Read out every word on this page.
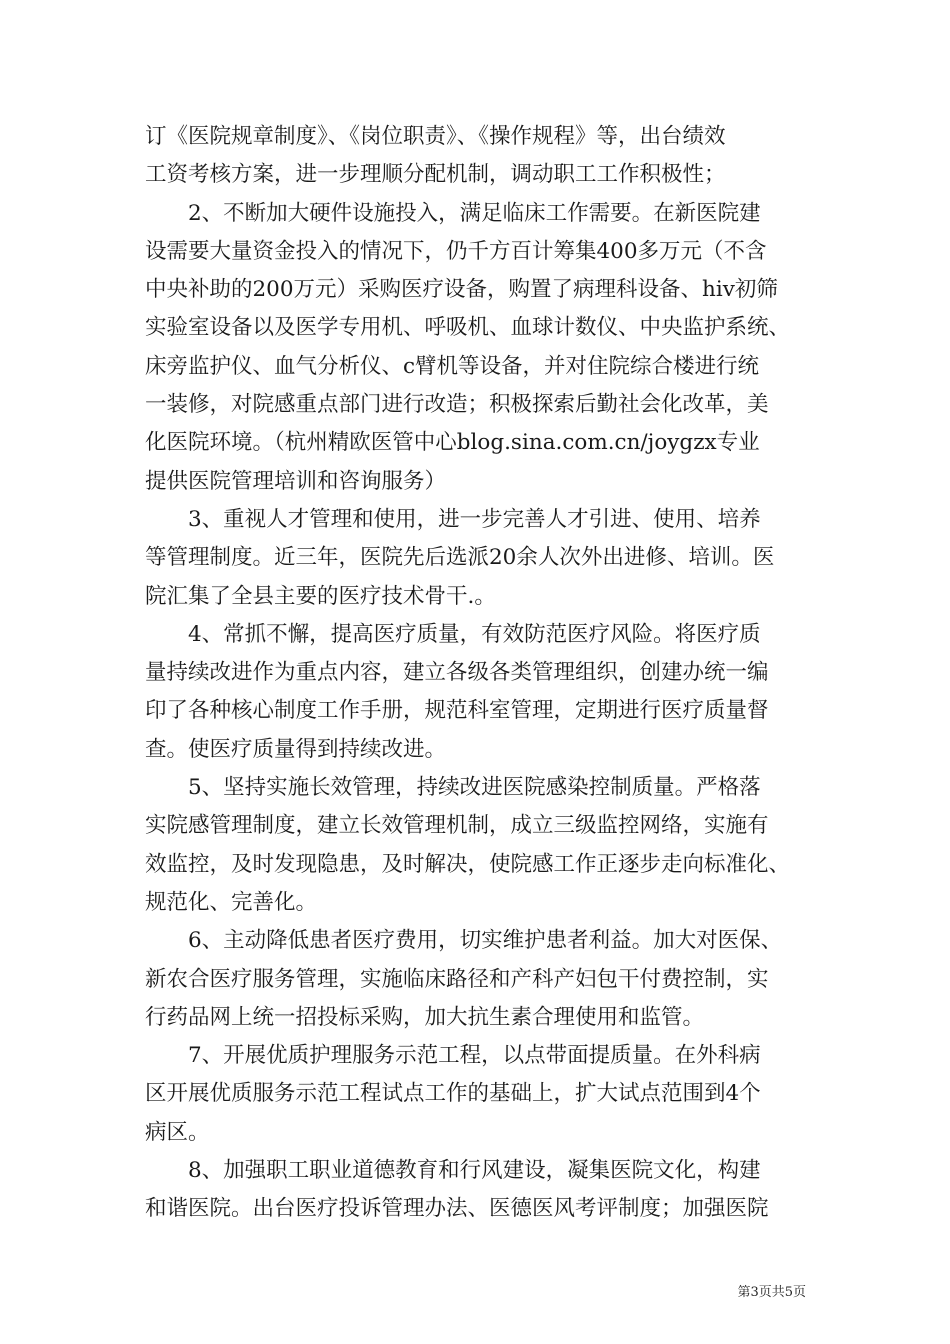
订《医院规章制度》、《岗位职责》、《操作规程》等，出台绩效
工资考核方案，进一步理顺分配机制，调动职工工作积极性；
2、不断加大硬件设施投入，满足临床工作需要。在新医院建
设需要大量资金投入的情况下，仍千方百计筹集400多万元（不含
中央补助的200万元）采购医疗设备，购置了病理科设备、hiv初筛
实验室设备以及医学专用机、呼吸机、血球计数仪、中央监护系统、
床旁监护仪、血气分析仪、c臂机等设备，并对住院综合楼进行统
一装修，对院感重点部门进行改造；积极探索后勤社会化改革，美
化医院环境。（杭州精欧医管中心blog.sina.com.cn/joygzx专业
提供医院管理培训和咨询服务）
3、重视人才管理和使用，进一步完善人才引进、使用、培养
等管理制度。近三年，医院先后选派20余人次外出进修、培训。医
院汇集了全县主要的医疗技术骨干.。
4、常抓不懈，提高医疗质量，有效防范医疗风险。将医疗质
量持续改进作为重点内容，建立各级各类管理组织，创建办统一编
印了各种核心制度工作手册，规范科室管理，定期进行医疗质量督
查。使医疗质量得到持续改进。
5、坚持实施长效管理，持续改进医院感染控制质量。严格落
实院感管理制度，建立长效管理机制，成立三级监控网络，实施有
效监控，及时发现隐患，及时解决，使院感工作正逐步走向标准化、
规范化、完善化。
6、主动降低患者医疗费用，切实维护患者利益。加大对医保、
新农合医疗服务管理，实施临床路径和产科产妇包干付费控制，实
行药品网上统一招投标采购，加大抗生素合理使用和监管。
7、开展优质护理服务示范工程，以点带面提质量。在外科病
区开展优质服务示范工程试点工作的基础上，扩大试点范围到4个
病区。
8、加强职工职业道德教育和行风建设，凝集医院文化，构建
和谐医院。出台医疗投诉管理办法、医德医风考评制度；加强医院
第3页共5页
